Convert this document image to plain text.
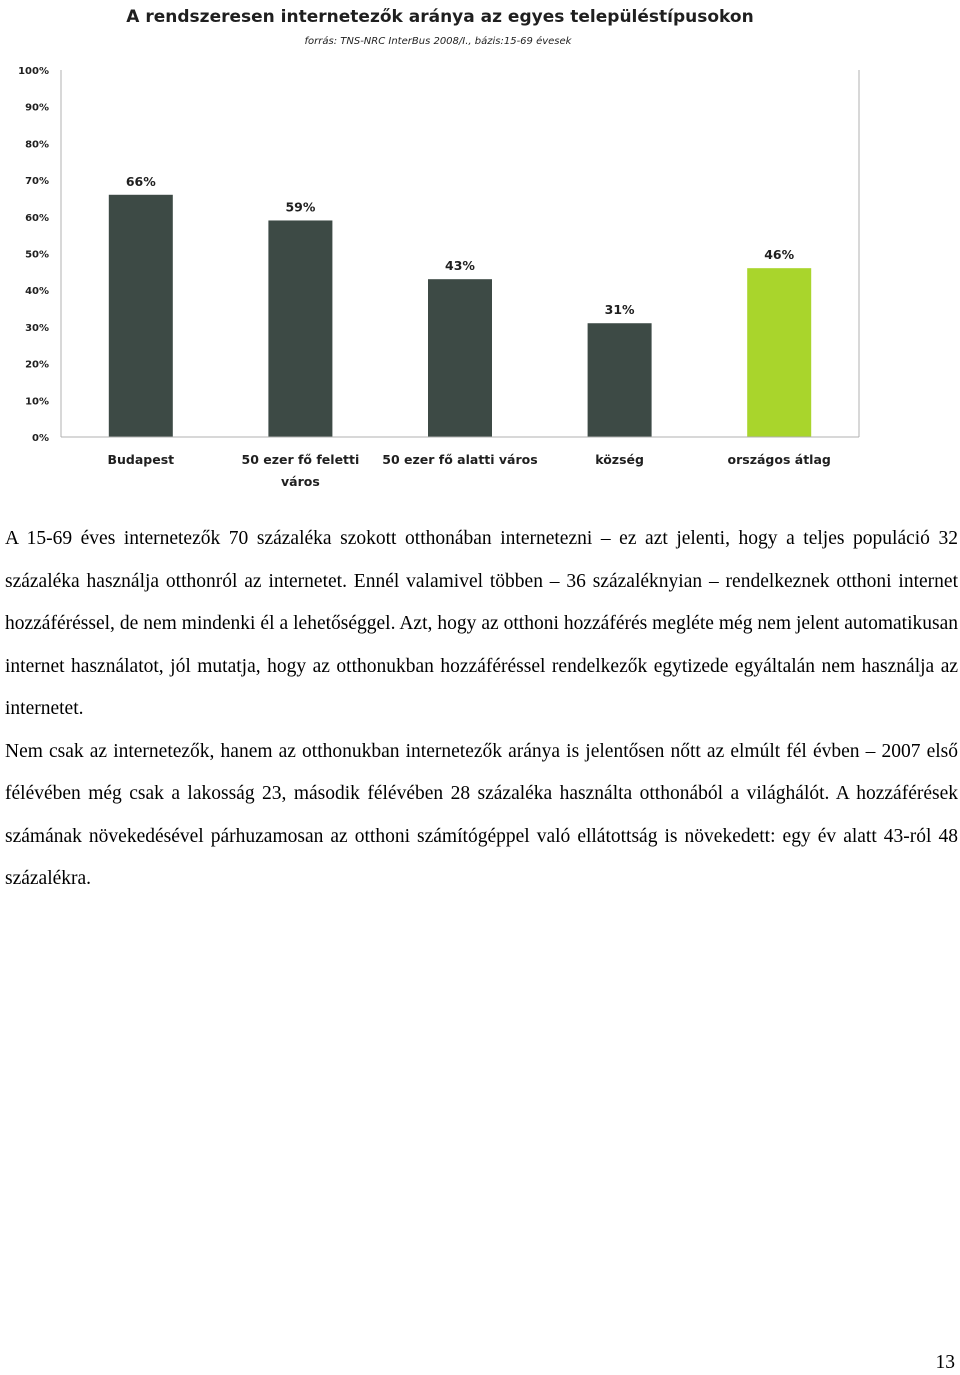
A rendszeresen internetezők aránya az egyes településtípusokon
forrás: TNS-NRC InterBus 2008/I., bázis:15-69 évesek
0%
10%
20%
30%
40%
50%
60%
70%
80%
90%
100%
66%
59%
43%
31%
46%
Budapest	50 ezer fő feletti
város
50 ezer fő alatti város	község	országos átlag

A 15-69 éves internetezők 70 százaléka szokott otthonában internetezni – ez azt jelenti, hogy a teljes populáció 32 százaléka használja otthonról az internetet. Ennél valamivel többen – 36 százaléknyian – rendelkeznek otthoni internet hozzáféréssel, de nem mindenki él a lehetőséggel. Azt, hogy az otthoni hozzáférés megléte még nem jelent automatikusan internet használatot, jól mutatja, hogy az otthonukban hozzáféréssel rendelkezők egytizede egyáltalán nem használja az internetet.

Nem csak az internetezők, hanem az otthonukban internetezők aránya is jelentősen nőtt az elmúlt fél évben – 2007 első félévében még csak a lakosság 23, második félévében 28 százaléka használta otthonából a világhálót. A hozzáférések számának növekedésével párhuzamosan az otthoni számítógéppel való ellátottság is növekedett: egy év alatt 43-ról 48 százalékra.

13
